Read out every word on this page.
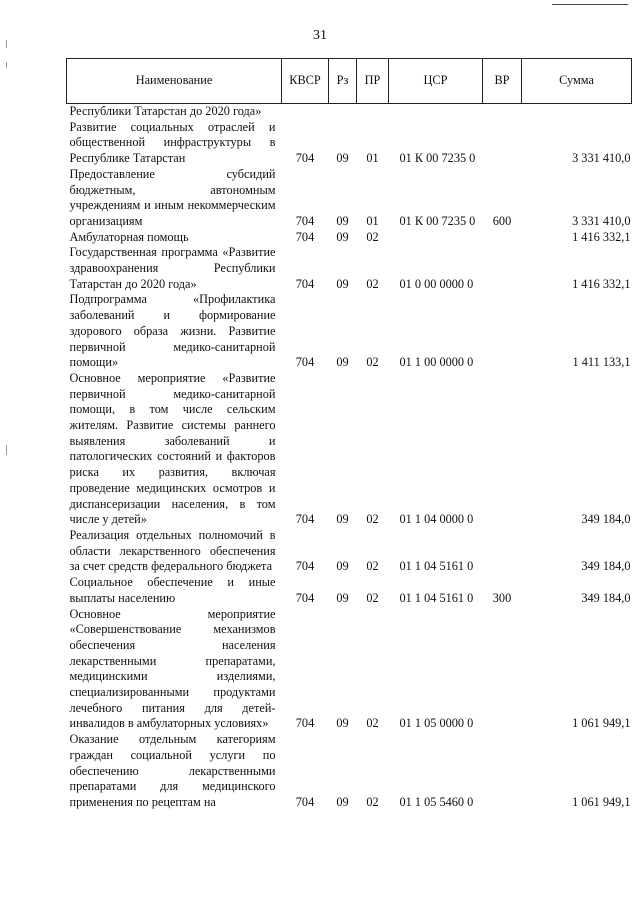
31
Наименование	КВСР	Рз	ПР	ЦСР	ВР	Сумма
Республики Татарстан до 2020 года»						
Развитие социальных отраслей и общественной инфраструктуры в Республике Татарстан	704	09	01	01 К 00 7235 0		3 331 410,0
Предоставление субсидий бюджетным, автономным учреждениям и иным некоммерческим организациям	704	09	01	01 К 00 7235 0	600	3 331 410,0
Амбулаторная помощь	704	09	02			1 416 332,1
Государственная программа «Развитие здравоохранения Республики Татарстан до 2020 года»	704	09	02	01 0 00 0000 0		1 416 332,1
Подпрограмма «Профилактика заболеваний и формирование здорового образа жизни. Развитие первичной медико-санитарной помощи»	704	09	02	01 1 00 0000 0		1 411 133,1
Основное мероприятие «Развитие первичной медико-санитарной помощи, в том числе сельским жителям. Развитие системы раннего выявления заболеваний и патологических состояний и факторов риска их развития, включая проведение медицинских осмотров и диспансеризации населения, в том числе у детей»	704	09	02	01 1 04 0000 0		349 184,0
Реализация отдельных полномочий в области лекарственного обеспечения за счет средств федерального бюджета	704	09	02	01 1 04 5161 0		349 184,0
Социальное обеспечение и иные выплаты населению	704	09	02	01 1 04 5161 0	300	349 184,0
Основное мероприятие «Совершенствование механизмов обеспечения населения лекарственными препаратами, медицинскими изделиями, специализированными продуктами лечебного питания для детей-инвалидов в амбулаторных условиях»	704	09	02	01 1 05 0000 0		1 061 949,1
Оказание отдельным категориям граждан социальной услуги по обеспечению лекарственными препаратами для медицинского применения по рецептам на	704	09	02	01 1 05 5460 0		1 061 949,1
